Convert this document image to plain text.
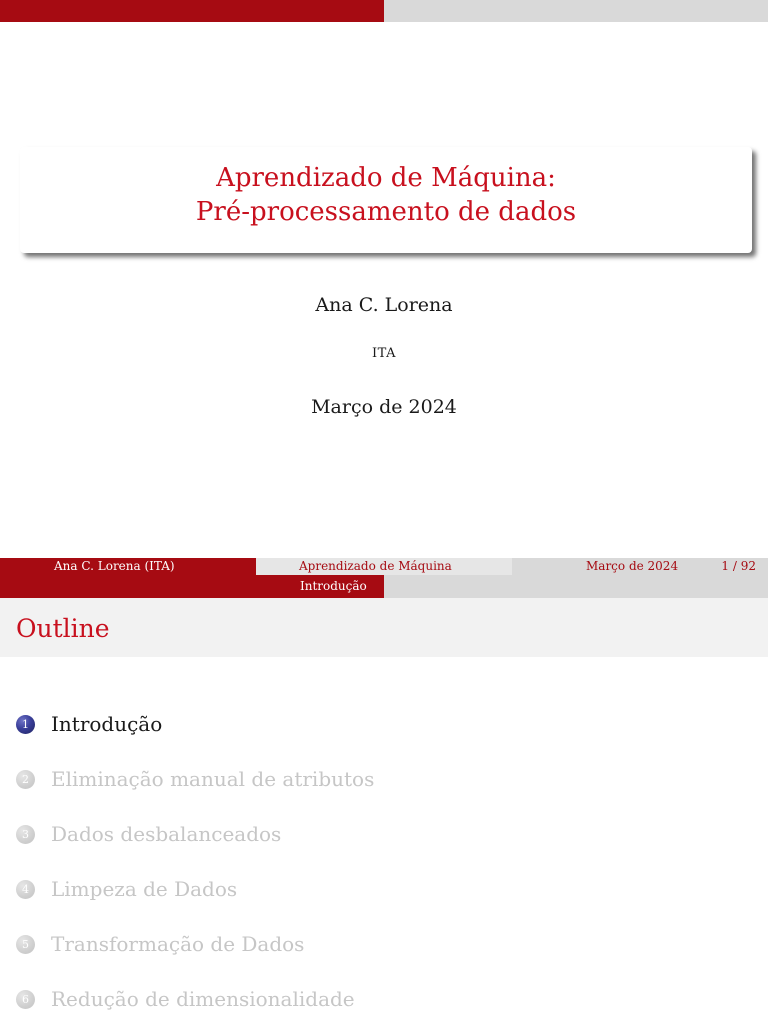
Aprendizado de Máquina:
Pré-processamento de dados
Ana C. Lorena
ITA
Março de 2024
Ana C. Lorena (ITA)	Aprendizado de Máquina	Março de 2024	1 / 92
Introdução
Outline
1	Introdução
2	Eliminação manual de atributos
3	Dados desbalanceados
4	Limpeza de Dados
5	Transformação de Dados
6	Redução de dimensionalidade
